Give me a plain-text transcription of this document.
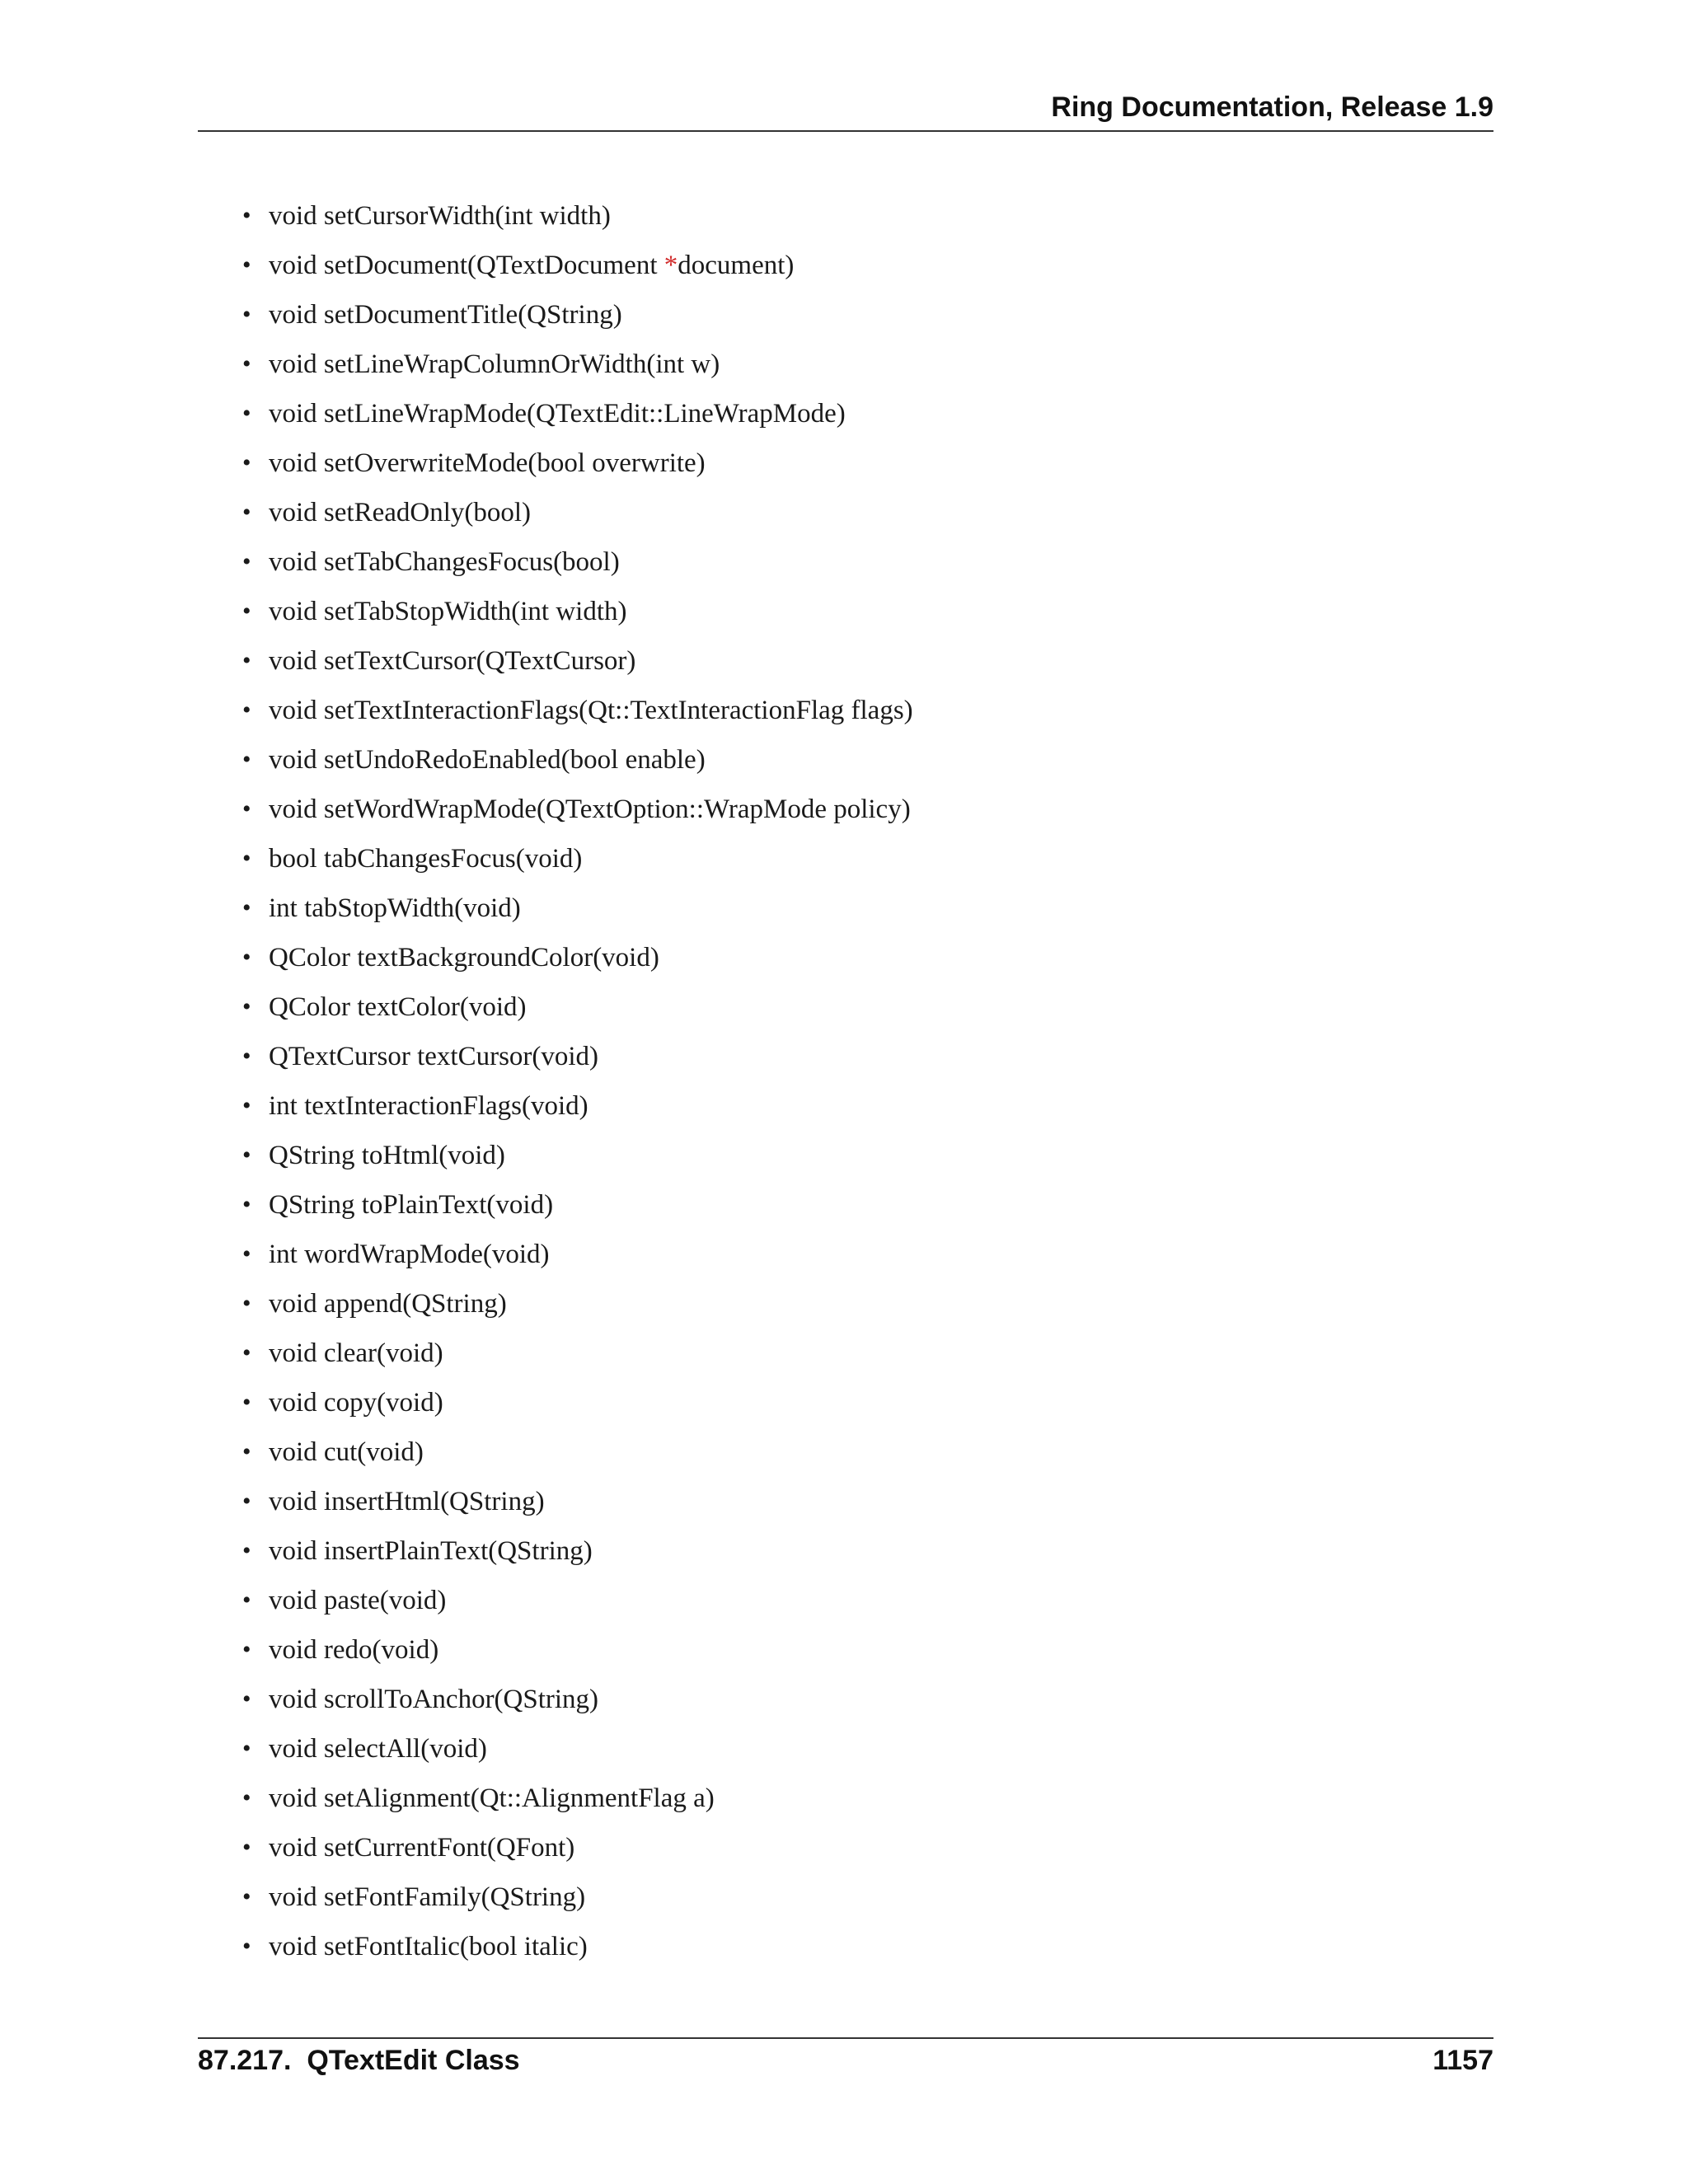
Ring Documentation, Release 1.9
• void setCursorWidth(int width)
• void setDocument(QTextDocument *document)
• void setDocumentTitle(QString)
• void setLineWrapColumnOrWidth(int w)
• void setLineWrapMode(QTextEdit::LineWrapMode)
• void setOverwriteMode(bool overwrite)
• void setReadOnly(bool)
• void setTabChangesFocus(bool)
• void setTabStopWidth(int width)
• void setTextCursor(QTextCursor)
• void setTextInteractionFlags(Qt::TextInteractionFlag flags)
• void setUndoRedoEnabled(bool enable)
• void setWordWrapMode(QTextOption::WrapMode policy)
• bool tabChangesFocus(void)
• int tabStopWidth(void)
• QColor textBackgroundColor(void)
• QColor textColor(void)
• QTextCursor textCursor(void)
• int textInteractionFlags(void)
• QString toHtml(void)
• QString toPlainText(void)
• int wordWrapMode(void)
• void append(QString)
• void clear(void)
• void copy(void)
• void cut(void)
• void insertHtml(QString)
• void insertPlainText(QString)
• void paste(void)
• void redo(void)
• void scrollToAnchor(QString)
• void selectAll(void)
• void setAlignment(Qt::AlignmentFlag a)
• void setCurrentFont(QFont)
• void setFontFamily(QString)
• void setFontItalic(bool italic)
87.217.  QTextEdit Class	1157
